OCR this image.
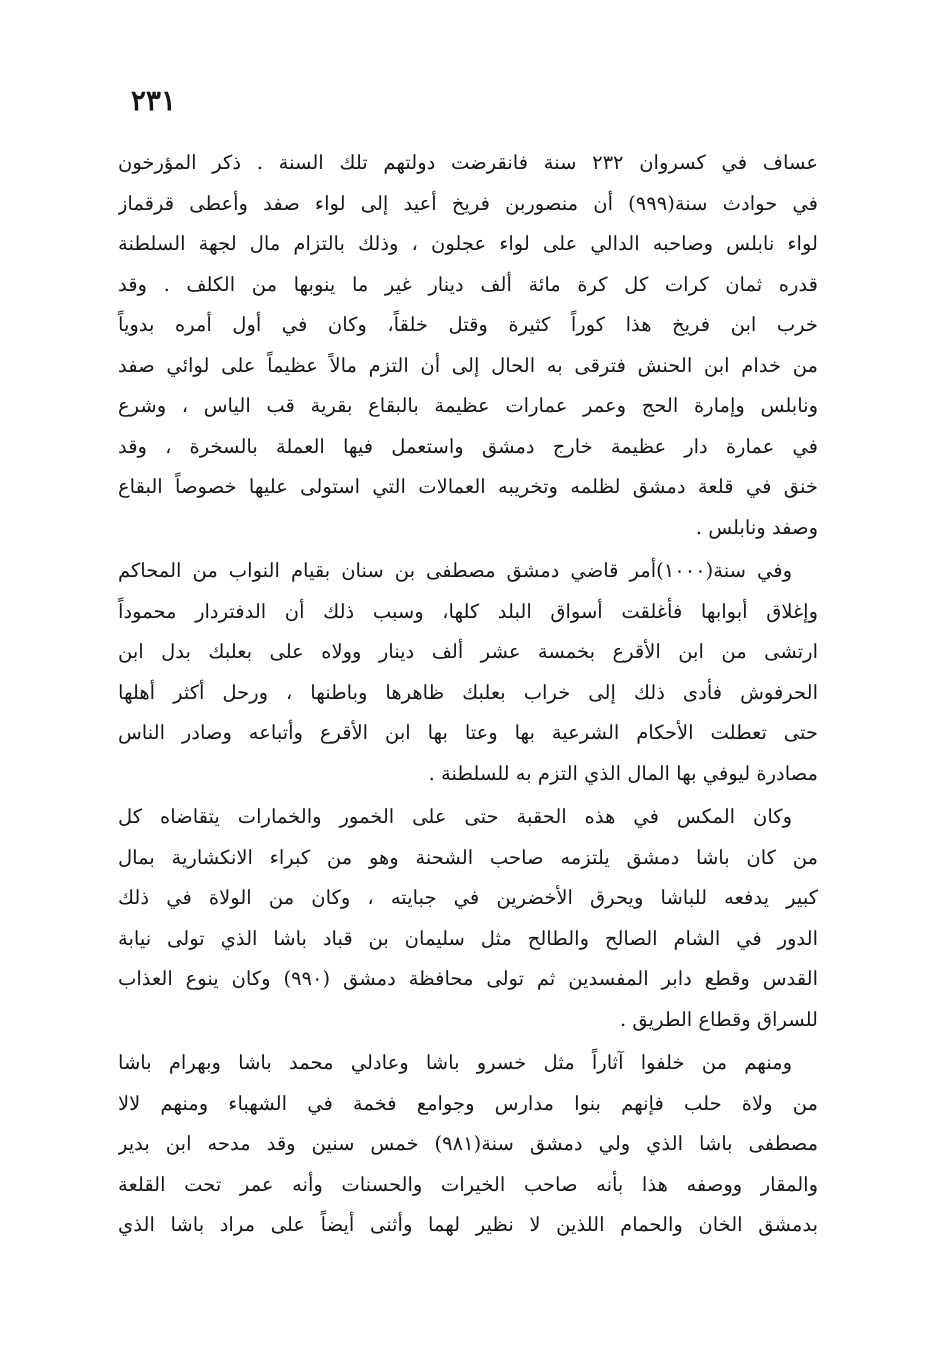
٢٣١
عساف في كسروان ٢٣٢ سنة فانقرضت دولتهم تلك السنة . ذكر المؤرخون
في حوادث سنة(٩٩٩) أن منصوربن فريخ أعيد إلى لواء صفد وأعطى قرقماز
لواء نابلس وصاحبه الدالي على لواء عجلون ، وذلك بالتزام مال لجهة السلطنة
قدره ثمان كرات كل كرة مائة ألف دينار غير ما ينوبها من الكلف . وقد
خرب ابن فريخ هذا كوراً كثيرة وقتل خلقاً، وكان في أول أمره بدوياً
من خدام ابن الحنش فترقى به الحال إلى أن التزم مالاً عظيماً على لوائي صفد
ونابلس وإمارة الحج وعمر عمارات عظيمة بالبقاع بقرية قب الياس ، وشرع
في عمارة دار عظيمة خارج دمشق واستعمل فيها العملة بالسخرة ، وقد
خنق في قلعة دمشق لظلمه وتخريبه العمالات التي استولى عليها خصوصاً البقاع
وصفد ونابلس .
وفي سنة(١٠٠٠)أمر قاضي دمشق مصطفى بن سنان بقيام النواب من المحاكم
وإغلاق أبوابها فأغلقت أسواق البلد كلها، وسبب ذلك أن الدفتردار محموداً
ارتشى من ابن الأقرع بخمسة عشر ألف دينار وولاه على بعلبك بدل ابن
الحرفوش فأدى ذلك إلى خراب بعلبك ظاهرها وباطنها ، ورحل أكثر أهلها
حتى تعطلت الأحكام الشرعية بها وعتا بها ابن الأقرع وأتباعه وصادر الناس
مصادرة ليوفي بها المال الذي التزم به للسلطنة .
وكان المكس في هذه الحقبة حتى على الخمور والخمارات يتقاضاه كل
من كان باشا دمشق يلتزمه صاحب الشحنة وهو من كبراء الانكشارية بمال
كبير يدفعه للباشا ويحرق الأخضرين في جبايته ، وكان من الولاة في ذلك
الدور في الشام الصالح والطالح مثل سليمان بن قباد باشا الذي تولى نيابة
القدس وقطع دابر المفسدين ثم تولى محافظة دمشق (٩٩٠) وكان ينوع العذاب
للسراق وقطاع الطريق .
ومنهم من خلفوا آثاراً مثل خسرو باشا وعادلي محمد باشا وبهرام باشا
من ولاة حلب فإنهم بنوا مدارس وجوامع فخمة في الشهباء ومنهم لالا
مصطفى باشا الذي ولي دمشق سنة(٩٨١) خمس سنين وقد مدحه ابن بدير
والمقار ووصفه هذا بأنه صاحب الخيرات والحسنات وأنه عمر تحت القلعة
بدمشق الخان والحمام اللذين لا نظير لهما وأثنى أيضاً على مراد باشا الذي
